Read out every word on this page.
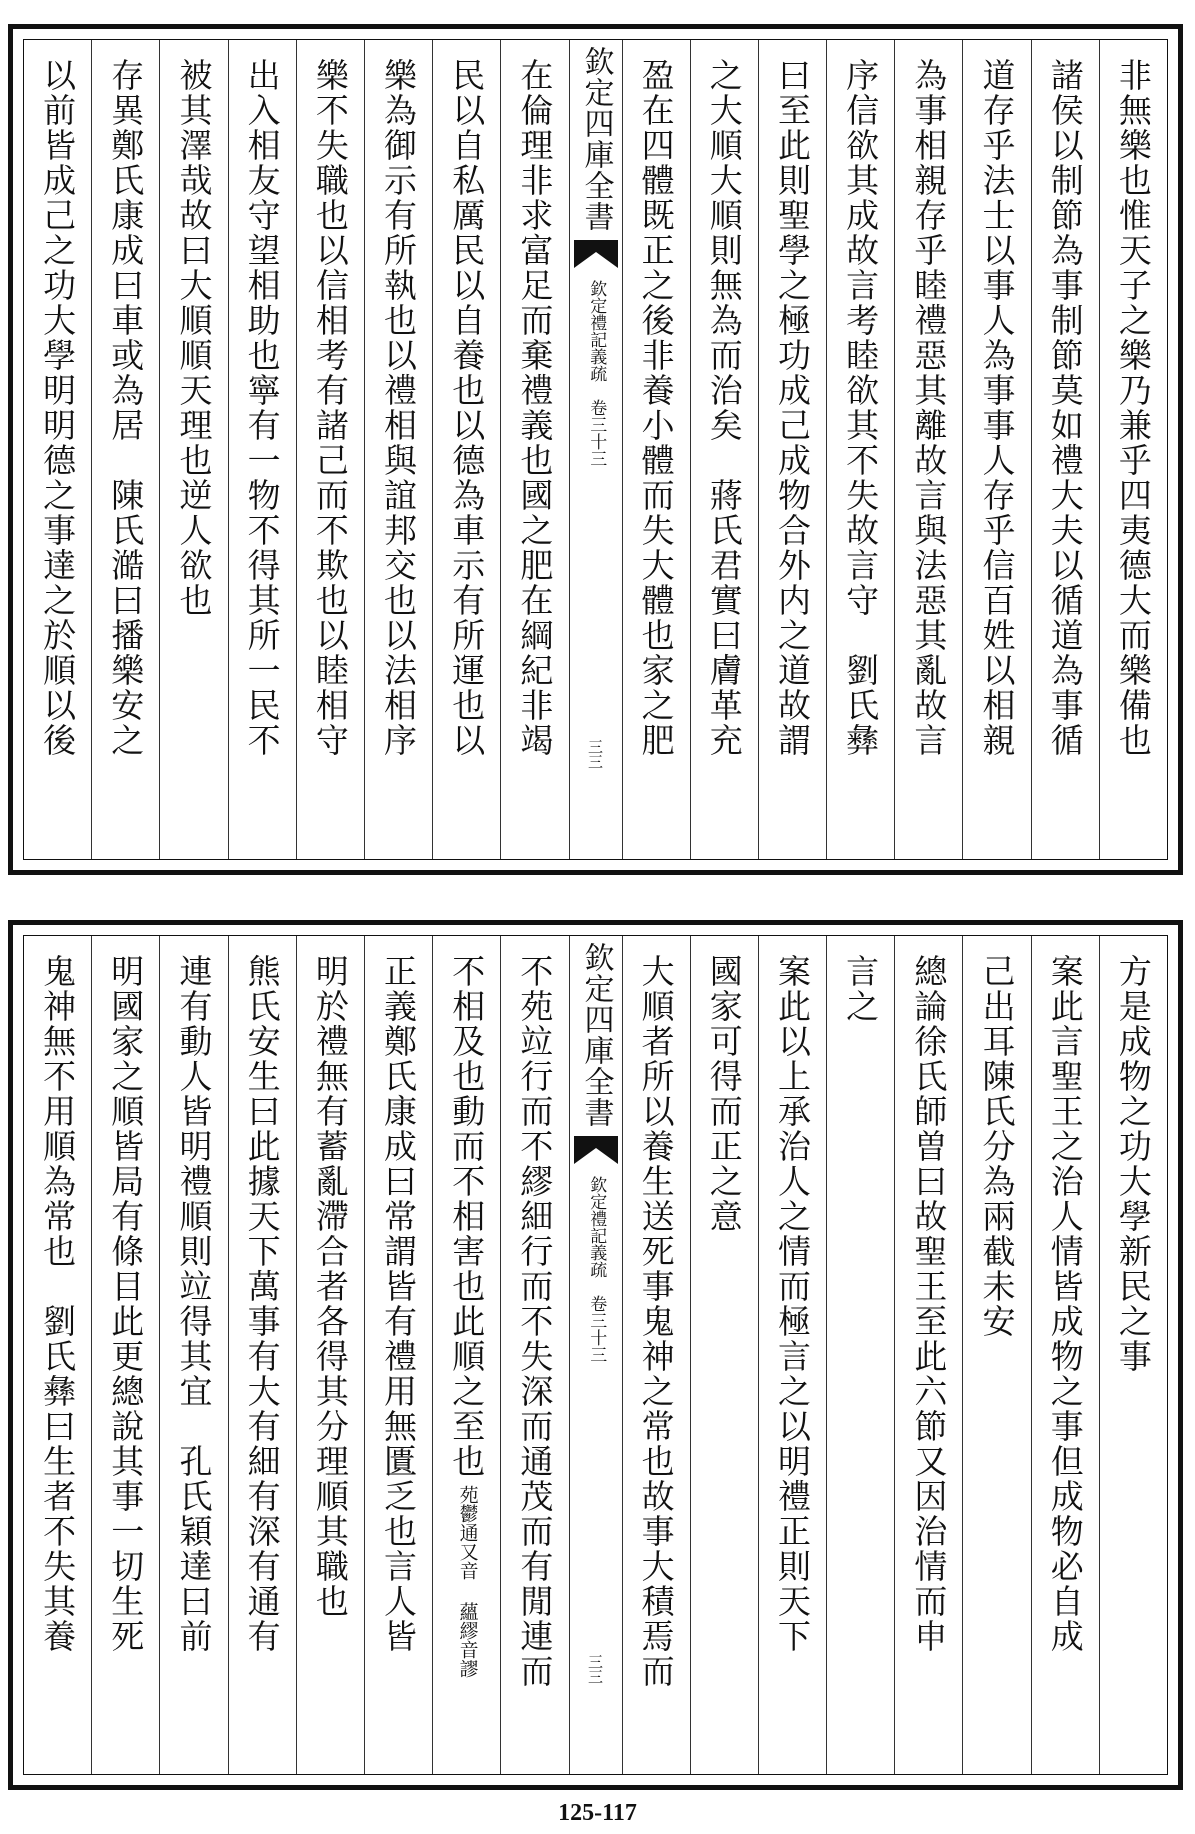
非無樂也惟天子之樂乃兼乎四夷德大而樂備也
諸侯以制節為事制節莫如禮大夫以循道為事循
道存乎法士以事人為事事人存乎信百姓以相親
為事相親存乎睦禮惡其離故言與法惡其亂故言
序信欲其成故言考睦欲其不失故言守　劉氏彝
曰至此則聖學之極功成己成物合外内之道故謂
之大順大順則無為而治矣　蔣氏君實曰膚革充
盈在四體既正之後非養小體而失大體也家之肥
欽定四庫全書
欽定禮記義疏　卷三十三
三三
在倫理非求富足而棄禮義也國之肥在綱紀非竭
民以自私厲民以自養也以德為車示有所運也以
樂為御示有所執也以禮相與誼邦交也以法相序
樂不失職也以信相考有諸己而不欺也以睦相守
出入相友守望相助也寧有一物不得其所一民不
被其澤哉故曰大順順天理也逆人欲也
存異鄭氏康成曰車或為居　陳氏澔曰播樂安之
以前皆成己之功大學明明德之事達之於順以後
方是成物之功大學新民之事
案此言聖王之治人情皆成物之事但成物必自成
己出耳陳氏分為兩截未安
總論徐氏師曽曰故聖王至此六節又因治情而申
言之
案此以上承治人之情而極言之以明禮正則天下
國家可得而正之意
大順者所以養生送死事鬼神之常也故事大積焉而
欽定四庫全書
欽定禮記義疏　卷三十三
三三
不苑竝行而不繆細行而不失深而通茂而有閒連而
不相及也動而不相害也此順之至也
苑鬱通又音 蘊繆音謬
正義鄭氏康成曰常謂皆有禮用無匱乏也言人皆
明於禮無有蓄亂滯合者各得其分理順其職也
熊氏安生曰此據天下萬事有大有細有深有通有
連有動人皆明禮順則竝得其宜　孔氏穎達曰前
明國家之順皆局有條目此更總說其事一切生死
鬼神無不用順為常也　劉氏彝曰生者不失其養
125-117
